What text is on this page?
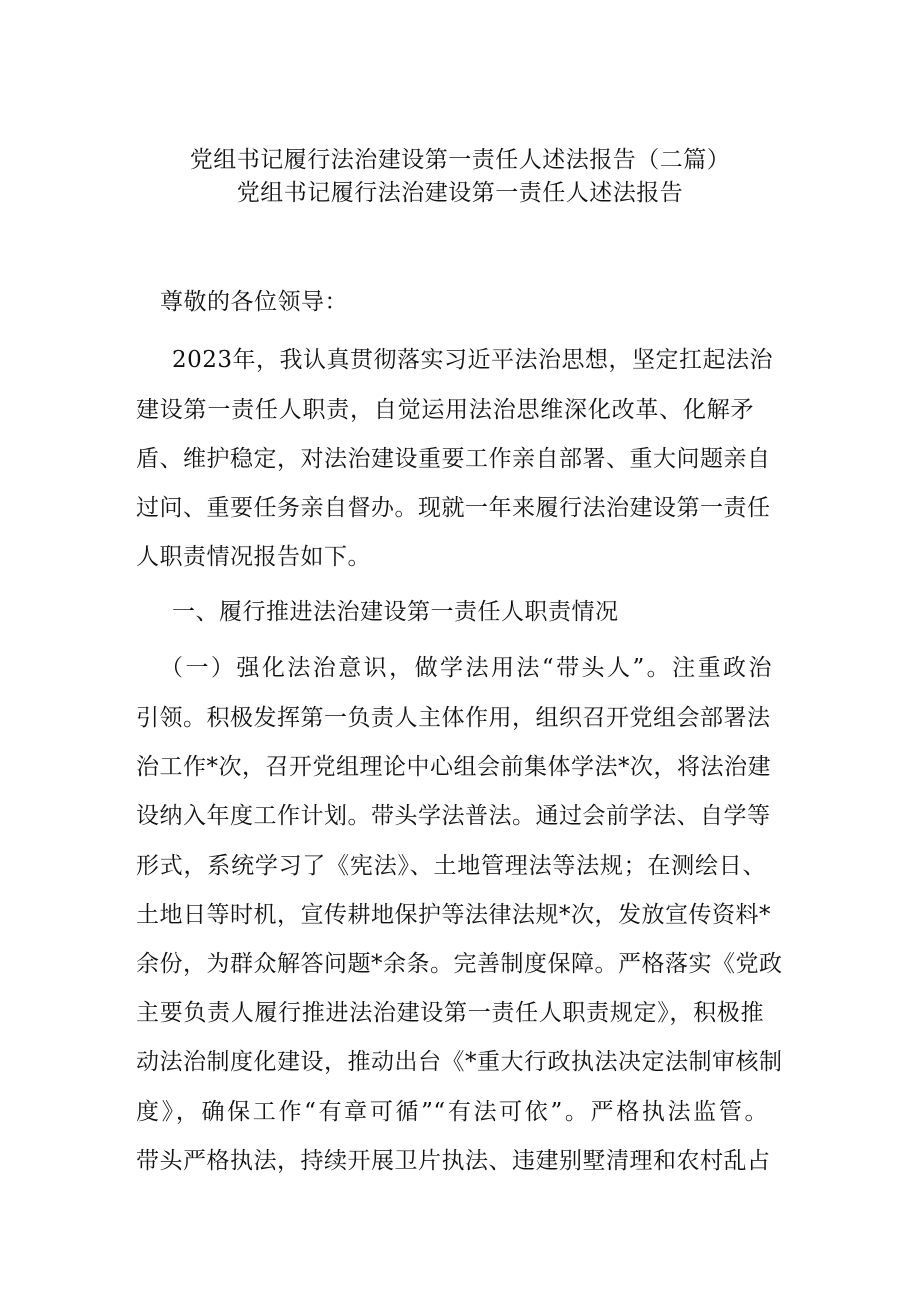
党组书记履行法治建设第一责任人述法报告（二篇）
党组书记履行法治建设第一责任人述法报告
尊敬的各位领导：
2023年，我认真贯彻落实习近平法治思想，坚定扛起法治
建设第一责任人职责，自觉运用法治思维深化改革、化解矛
盾、维护稳定，对法治建设重要工作亲自部署、重大问题亲自
过问、重要任务亲自督办。现就一年来履行法治建设第一责任
人职责情况报告如下。
一、履行推进法治建设第一责任人职责情况
（一）强化法治意识，做学法用法“带头人”。注重政治
引领。积极发挥第一负责人主体作用，组织召开党组会部署法
治工作*次，召开党组理论中心组会前集体学法*次，将法治建
设纳入年度工作计划。带头学法普法。通过会前学法、自学等
形式，系统学习了《宪法》、土地管理法等法规；在测绘日、
土地日等时机，宣传耕地保护等法律法规*次，发放宣传资料*
余份，为群众解答问题*余条。完善制度保障。严格落实《党政
主要负责人履行推进法治建设第一责任人职责规定》，积极推
动法治制度化建设，推动出台《*重大行政执法决定法制审核制
度》，确保工作“有章可循”“有法可依”。严格执法监管。
带头严格执法，持续开展卫片执法、违建别墅清理和农村乱占
